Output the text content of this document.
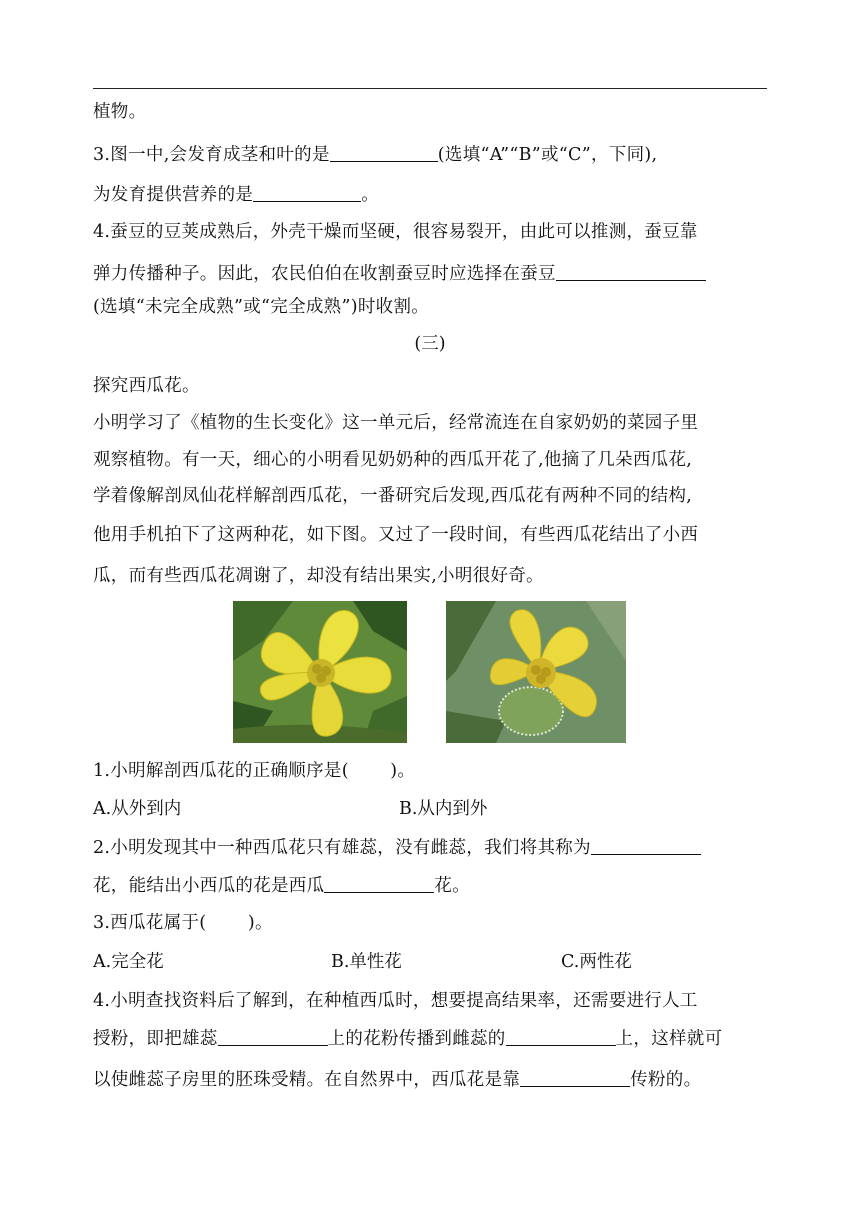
植物。
3.图一中,会发育成茎和叶的是	(选填“A”“B”或“C”，下同),
为发育提供营养的是	。
4.蚕豆的豆荚成熟后，外壳干燥而坚硬，很容易裂开，由此可以推测，蚕豆靠
弹力传播种子。因此，农民伯伯在收割蚕豆时应选择在蚕豆
(选填“未完全成熟”或“完全成熟”)时收割。
(三)
探究西瓜花。
小明学习了《植物的生长变化》这一单元后，经常流连在自家奶奶的菜园子里
观察植物。有一天，细心的小明看见奶奶种的西瓜开花了,他摘了几朵西瓜花,
学着像解剖凤仙花样解剖西瓜花，一番研究后发现,西瓜花有两种不同的结构,
他用手机拍下了这两种花，如下图。又过了一段时间，有些西瓜花结出了小西
瓜，而有些西瓜花凋谢了，却没有结出果实,小明很好奇。
1.小明解剖西瓜花的正确顺序是(　　 )。
A.从外到内	B.从内到外
2.小明发现其中一种西瓜花只有雄蕊，没有雌蕊，我们将其称为
花，能结出小西瓜的花是西瓜	花。
3.西瓜花属于(　　 )。
A.完全花	B.单性花	C.两性花
4.小明查找资料后了解到，在种植西瓜时，想要提高结果率，还需要进行人工
授粉，即把雄蕊	上的花粉传播到雌蕊的	上，这样就可
以使雌蕊子房里的胚珠受精。在自然界中，西瓜花是靠	传粉的。
